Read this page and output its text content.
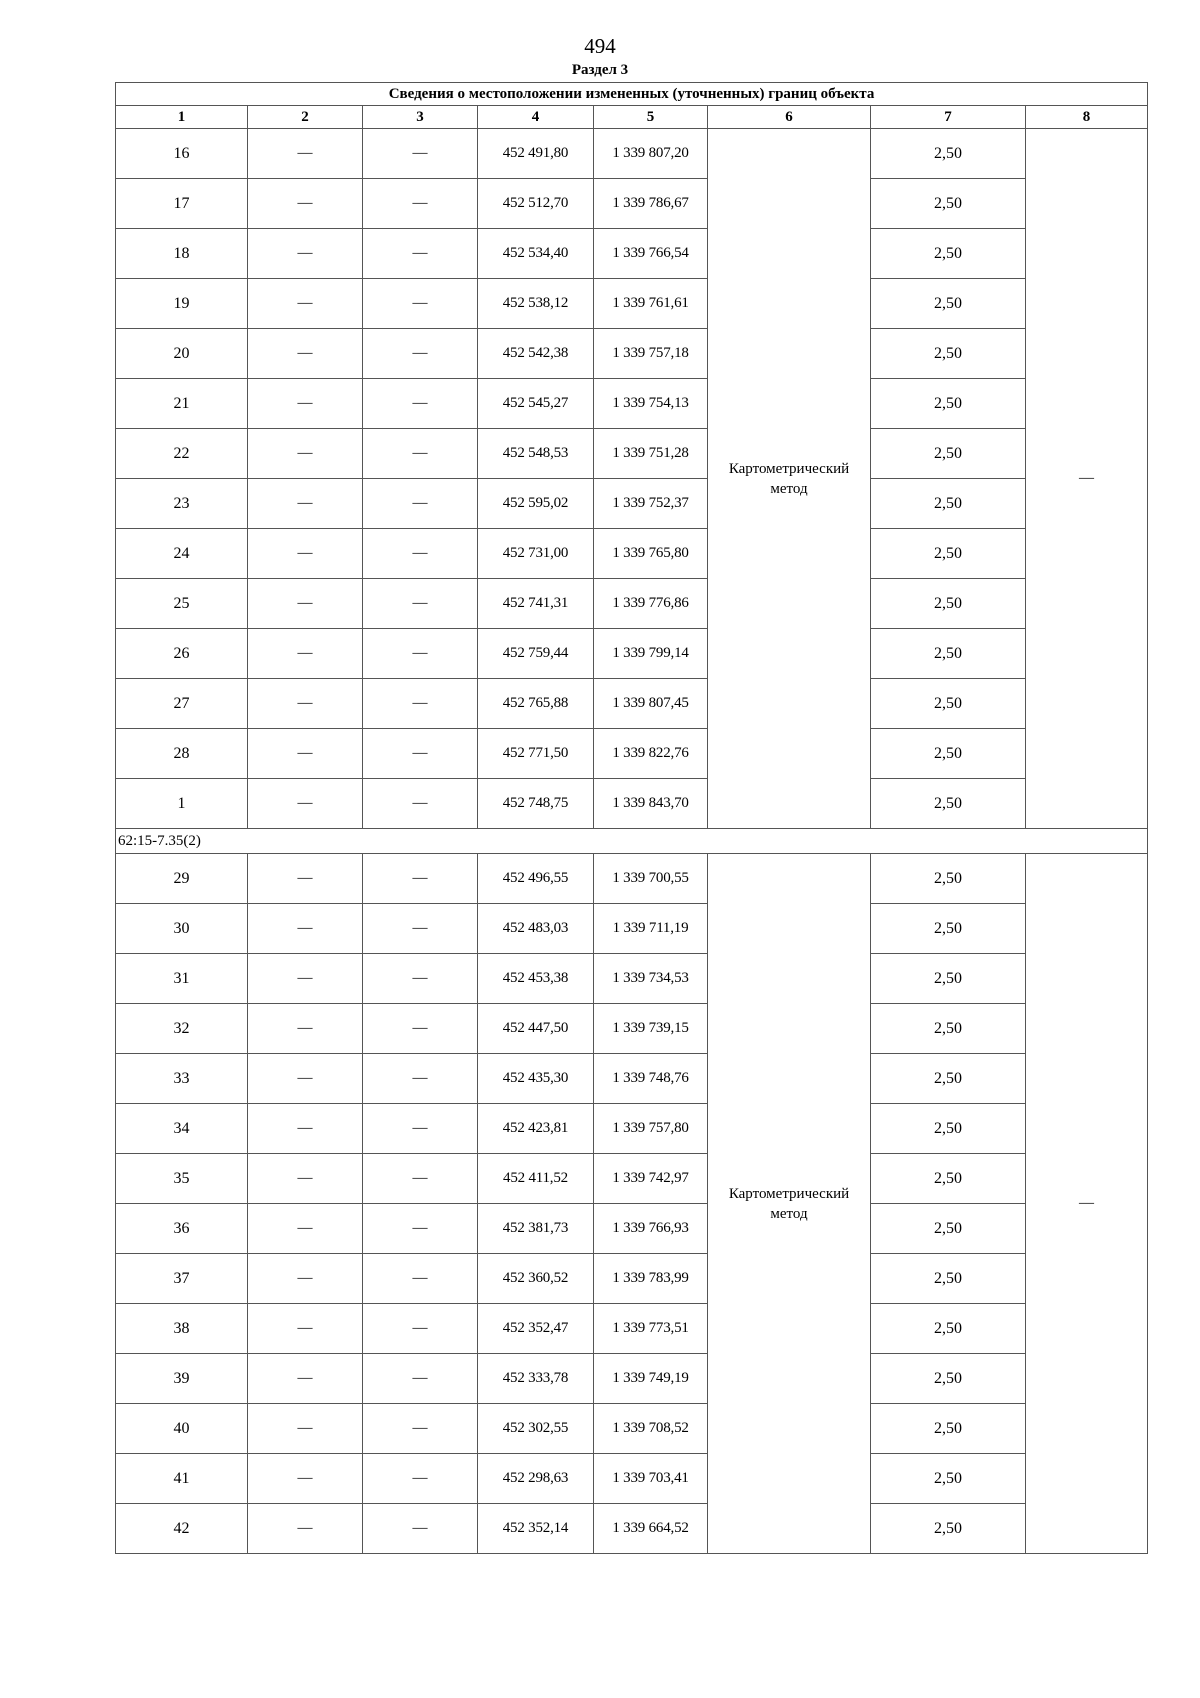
494
Раздел 3
Сведения о местоположении измененных (уточненных) границ объекта							
1	2	3	4	5	6	7	8
16	—	—	452 491,80	1 339 807,20	Картометрический метод	2,50	—
17	—	—	452 512,70	1 339 786,67		2,50	
18	—	—	452 534,40	1 339 766,54		2,50	
19	—	—	452 538,12	1 339 761,61		2,50	
20	—	—	452 542,38	1 339 757,18		2,50	
21	—	—	452 545,27	1 339 754,13		2,50	
22	—	—	452 548,53	1 339 751,28		2,50	
23	—	—	452 595,02	1 339 752,37		2,50	
24	—	—	452 731,00	1 339 765,80		2,50	
25	—	—	452 741,31	1 339 776,86		2,50	
26	—	—	452 759,44	1 339 799,14		2,50	
27	—	—	452 765,88	1 339 807,45		2,50	
28	—	—	452 771,50	1 339 822,76		2,50	
1	—	—	452 748,75	1 339 843,70		2,50	
62:15-7.35(2)							
29	—	—	452 496,55	1 339 700,55	Картометрический метод	2,50	—
30	—	—	452 483,03	1 339 711,19		2,50	
31	—	—	452 453,38	1 339 734,53		2,50	
32	—	—	452 447,50	1 339 739,15		2,50	
33	—	—	452 435,30	1 339 748,76		2,50	
34	—	—	452 423,81	1 339 757,80		2,50	
35	—	—	452 411,52	1 339 742,97		2,50	
36	—	—	452 381,73	1 339 766,93		2,50	
37	—	—	452 360,52	1 339 783,99		2,50	
38	—	—	452 352,47	1 339 773,51		2,50	
39	—	—	452 333,78	1 339 749,19		2,50	
40	—	—	452 302,55	1 339 708,52		2,50	
41	—	—	452 298,63	1 339 703,41		2,50	
42	—	—	452 352,14	1 339 664,52		2,50	
